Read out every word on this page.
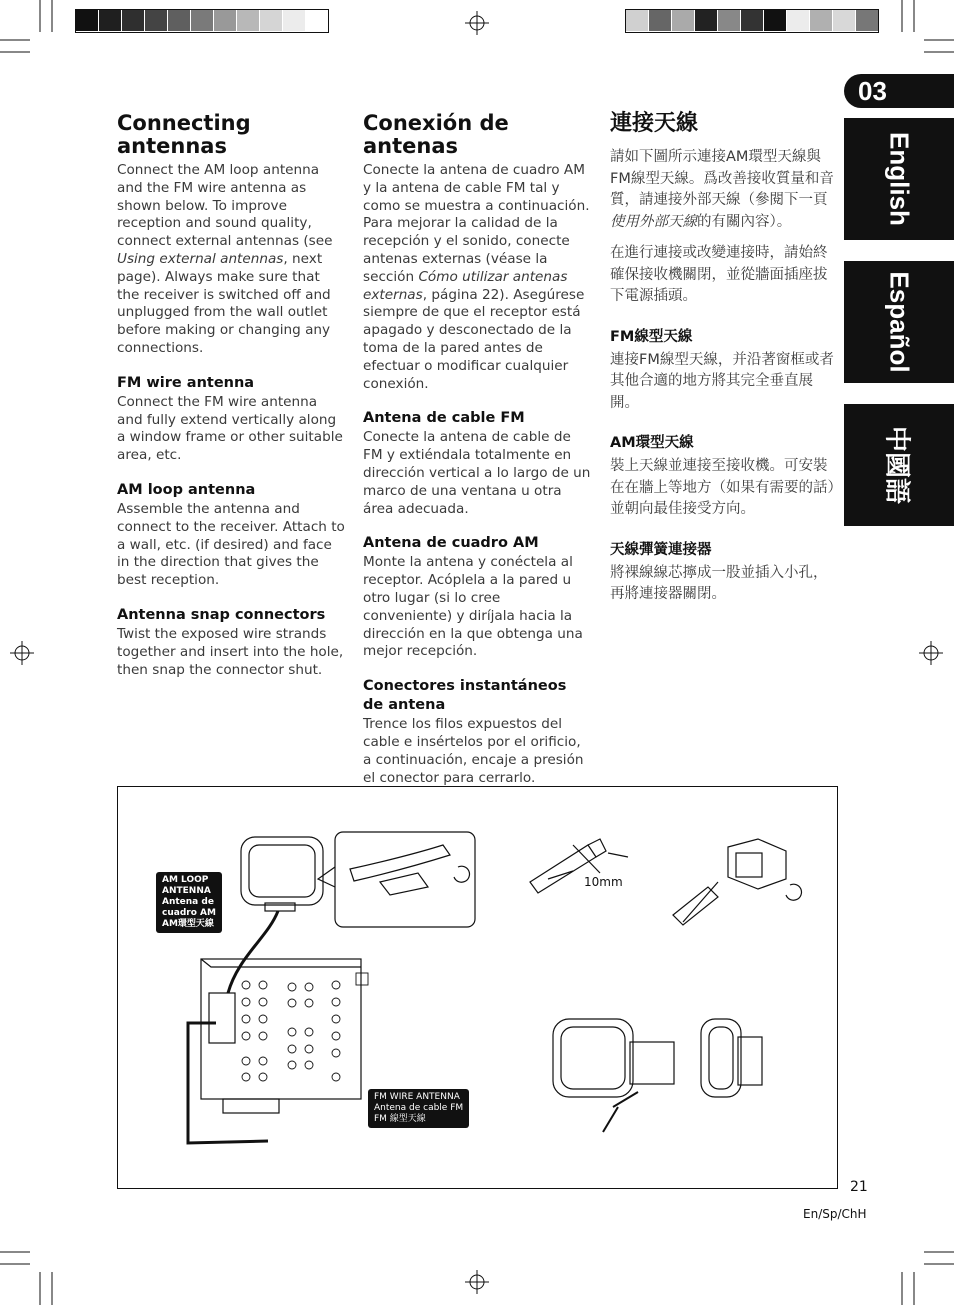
03
English
Español
中國語
Connecting antennas

Connect the AM loop antenna and the FM wire antenna as shown below. To improve reception and sound quality, connect external antennas (see Using external antennas, next page). Always make sure that the receiver is switched off and unplugged from the wall outlet before making or changing any connections.

FM wire antenna

Connect the FM wire antenna and fully extend vertically along a window frame or other suitable area, etc.

AM loop antenna

Assemble the antenna and connect to the receiver. Attach to a wall, etc. (if desired) and face in the direction that gives the best reception.

Antenna snap connectors

Twist the exposed wire strands together and insert into the hole, then snap the connector shut.

Conexión de antenas

Conecte la antena de cuadro AM y la antena de cable FM tal y como se muestra a continuación. Para mejorar la calidad de la recepción y el sonido, conecte antenas externas (véase la sección Cómo utilizar antenas externas, página 22). Asegúrese siempre de que el receptor está apagado y desconectado de la toma de la pared antes de efectuar o modificar cualquier conexión.

Antena de cable FM

Conecte la antena de cable de FM y extiéndala totalmente en dirección vertical a lo largo de un marco de una ventana u otra área adecuada.

Antena de cuadro AM

Monte la antena y conéctela al receptor. Acóplela a la pared u otro lugar (si lo cree conveniente) y diríjala hacia la dirección en la que obtenga una mejor recepción.

Conectores instantáneos de antena

Trence los filos expuestos del cable e insértelos por el orificio, a continuación, encaje a presión el conector para cerrarlo.

連接天線

請如下圖所示連接AM環型天線與FM線型天線。爲改善接收質量和音質，請連接外部天線（參閱下一頁使用外部天線的有關內容）。

在進行連接或改變連接時，請始終確保接收機關閉，並從牆面插座拔下電源插頭。

FM線型天線

連接FM線型天線，并沿著窗框或者其他合適的地方將其完全垂直展開。

AM環型天線

裝上天線並連接至接收機。可安裝在在牆上等地方（如果有需要的話）並朝向最佳接受方向。

天線彈簧連接器

將裸線線芯擰成一股並插入小孔，再將連接器關閉。

AM LOOP
ANTENNA
Antena de
cuadro AM
AM環型天線
FM WIRE ANTENNA
Antena de cable FM
FM 線型天線
10mm
21
En/Sp/ChH
